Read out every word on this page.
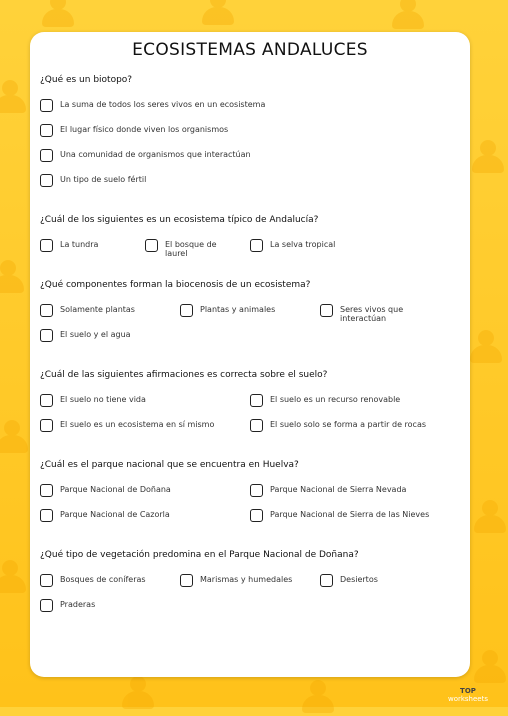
ECOSISTEMAS ANDALUCES
¿Qué es un biotopo?
La suma de todos los seres vivos en un ecosistema
El lugar físico donde viven los organismos
Una comunidad de organismos que interactúan
Un tipo de suelo fértil
¿Cuál de los siguientes es un ecosistema típico de Andalucía?
La tundra	El bosque de laurel
La selva tropical
¿Qué componentes forman la biocenosis de un ecosistema?
Solamente plantas	Plantas y animales	Seres vivos que interactúan
El suelo y el agua
¿Cuál de las siguientes afirmaciones es correcta sobre el suelo?
El suelo no tiene vida	El suelo es un recurso renovable
El suelo es un ecosistema en sí mismo	El suelo solo se forma a partir de rocas
¿Cuál es el parque nacional que se encuentra en Huelva?
Parque Nacional de Doñana	Parque Nacional de Sierra Nevada
Parque Nacional de Cazorla	Parque Nacional de Sierra de las Nieves
¿Qué tipo de vegetación predomina en el Parque Nacional de Doñana?
Bosques de coníferas	Marismas y humedales	Desiertos
Praderas
TOP
worksheets
